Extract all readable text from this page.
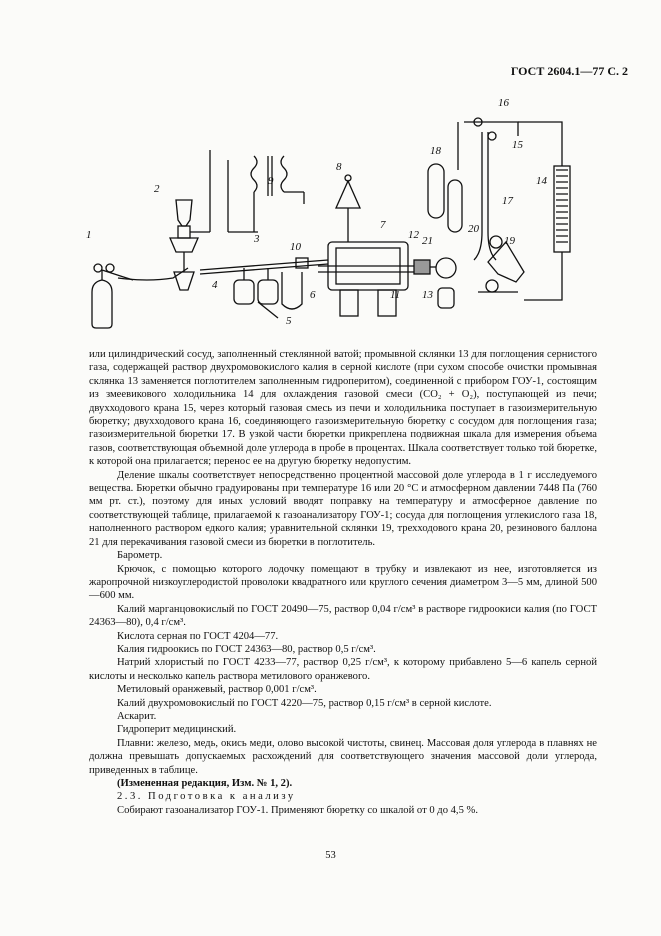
ГОСТ 2604.1—77 С. 2
1
2
3
4
5
6
7
8
9
10
11
12
13
14
15
16
17
18
19
20
21

или цилиндрический сосуд, заполненный стеклянной ватой; промывной склянки 13 для поглощения сернистого газа, содержащей раствор двухромовокислого калия в серной кислоте (при сухом способе очистки промывная склянка 13 заменяется поглотителем заполненным гидроперитом), соединенной с прибором ГОУ-1, состоящим из змеевикового холодильника 14 для охлаждения газовой смеси (CO₂ + O₂), поступающей из печи; двухходового крана 15, через который газовая смесь из печи и холодильника поступает в газоизмерительную бюретку; двухходового крана 16, соединяющего газоизмерительную бюретку с сосудом для поглощения газа; газоизмерительной бюретки 17. В узкой части бюретки прикреплена подвижная шкала для измерения объема газов, соответствующая объемной доле углерода в пробе в процентах. Шкала соответствует только той бюретке, к которой она прилагается; перенос ее на другую бюретку недопустим.

Деление шкалы соответствует непосредственно процентной массовой доле углерода в 1 г исследуемого вещества. Бюретки обычно градуированы при температуре 16 или 20 °С и атмосферном давлении 7448 Па (760 мм рт. ст.), поэтому для иных условий вводят поправку на температуру и атмосферное давление по соответствующей таблице, прилагаемой к газоанализатору ГОУ-1; сосуда для поглощения углекислого газа 18, наполненного раствором едкого калия; уравнительной склянки 19, трехходового крана 20, резинового баллона 21 для перекачивания газовой смеси из бюретки в поглотитель.

Барометр.

Крючок, с помощью которого лодочку помещают в трубку и извлекают из нее, изготовляется из жаропрочной низкоуглеродистой проволоки квадратного или круглого сечения диаметром 3—5 мм, длиной 500—600 мм.

Калий марганцовокислый по ГОСТ 20490—75, раствор 0,04 г/см³ в растворе гидроокиси калия (по ГОСТ 24363—80), 0,4 г/см³.

Кислота серная по ГОСТ 4204—77.

Калия гидроокись по ГОСТ 24363—80, раствор 0,5 г/см³.

Натрий хлористый по ГОСТ 4233—77, раствор 0,25 г/см³, к которому прибавлено 5—6 капель серной кислоты и несколько капель раствора метилового оранжевого.

Метиловый оранжевый, раствор 0,001 г/см³.

Калий двухромовокислый по ГОСТ 4220—75, раствор 0,15 г/см³ в серной кислоте.

Аскарит.

Гидроперит медицинский.

Плавни: железо, медь, окись меди, олово высокой чистоты, свинец. Массовая доля углерода в плавнях не должна превышать допускаемых расхождений для соответствующего значения массовой доли углерода, приведенных в таблице.

(Измененная редакция, Изм. № 1, 2).

2.3. Подготовка к анализу

Собирают газоанализатор ГОУ-1. Применяют бюретку со шкалой от 0 до 4,5 %.

53
